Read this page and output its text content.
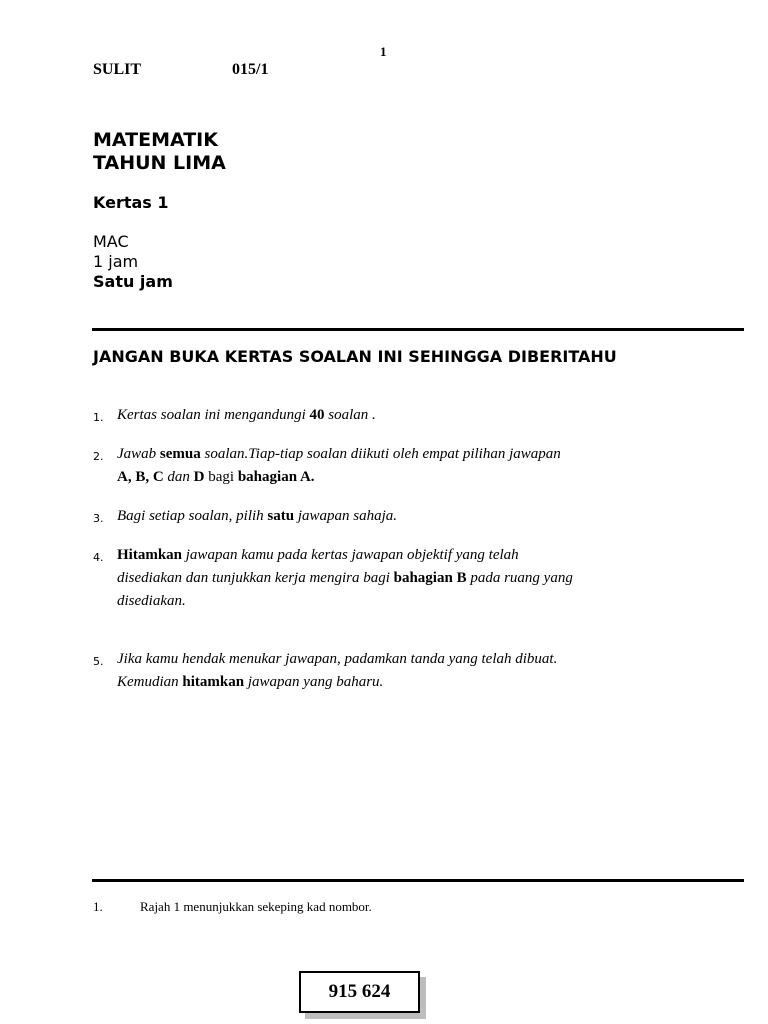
1
SULIT	015/1
MATEMATIK
TAHUN LIMA
Kertas 1
MAC
1 jam
Satu jam
JANGAN BUKA KERTAS SOALAN INI SEHINGGA DIBERITAHU
1. Kertas soalan ini mengandungi 40 soalan .
2. Jawab semua soalan.Tiap-tiap soalan diikuti oleh empat pilihan jawapan
A, B, C dan D bagi bahagian A.
3. Bagi setiap soalan, pilih satu jawapan sahaja.
4. Hitamkan jawapan kamu pada kertas jawapan objektif yang telah
disediakan dan tunjukkan kerja mengira bagi bahagian B pada ruang yang
disediakan.
5. Jika kamu hendak menukar jawapan, padamkan tanda yang telah dibuat.
Kemudian hitamkan jawapan yang baharu.
1.	Rajah 1 menunjukkan sekeping kad nombor.
915 624
